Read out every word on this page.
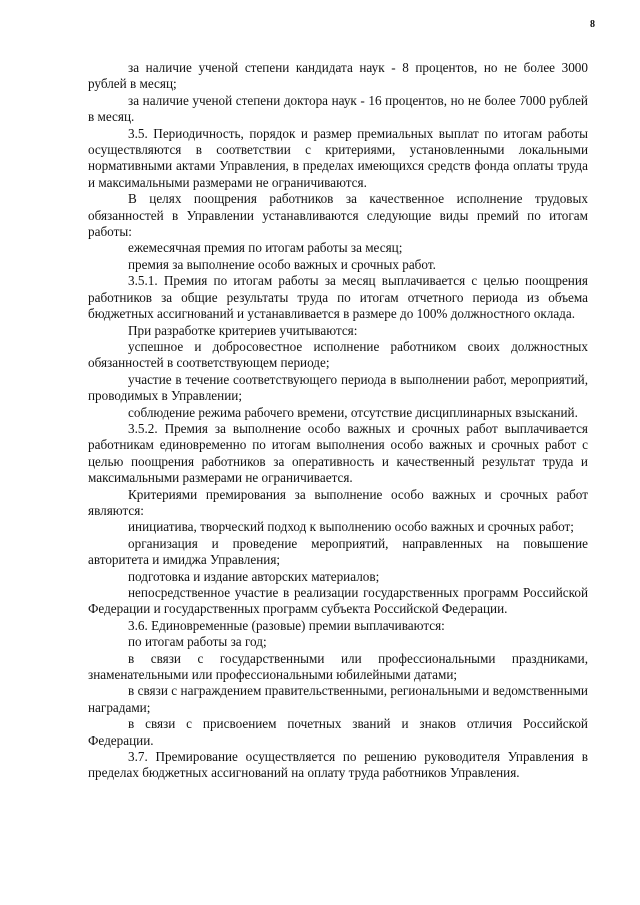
8

за наличие ученой степени кандидата наук - 8 процентов, но не более 3000 рублей в месяц;

за наличие ученой степени доктора наук - 16 процентов, но не более 7000 рублей в месяц.

3.5. Периодичность, порядок и размер премиальных выплат по итогам работы осуществляются в соответствии с критериями, установленными локальными нормативными актами Управления, в пределах имеющихся средств фонда оплаты труда и максимальными размерами не ограничиваются.

В целях поощрения работников за качественное исполнение трудовых обязанностей в Управлении устанавливаются следующие виды премий по итогам работы:

ежемесячная премия по итогам работы за месяц;

премия за выполнение особо важных и срочных работ.

3.5.1. Премия по итогам работы за месяц выплачивается с целью поощрения работников за общие результаты труда по итогам отчетного периода из объема бюджетных ассигнований и устанавливается в размере до 100% должностного оклада.

При разработке критериев учитываются:

успешное и добросовестное исполнение работником своих должностных обязанностей в соответствующем периоде;

участие в течение соответствующего периода в выполнении работ, мероприятий, проводимых в Управлении;

соблюдение режима рабочего времени, отсутствие дисциплинарных взысканий.

3.5.2. Премия за выполнение особо важных и срочных работ выплачивается работникам единовременно по итогам выполнения особо важных и срочных работ с целью поощрения работников за оперативность и качественный результат труда и максимальными размерами не ограничивается.

Критериями премирования за выполнение особо важных и срочных работ являются:

инициатива, творческий подход к выполнению особо важных и срочных работ;

организация и проведение мероприятий, направленных на повышение авторитета и имиджа Управления;

подготовка и издание авторских материалов;

непосредственное участие в реализации государственных программ Российской Федерации и государственных программ субъекта Российской Федерации.

3.6. Единовременные (разовые) премии выплачиваются:

по итогам работы за год;

в связи с государственными или профессиональными праздниками, знаменательными или профессиональными юбилейными датами;

в связи с награждением правительственными, региональными и ведомственными наградами;

в связи с присвоением почетных званий и знаков отличия Российской Федерации.

3.7. Премирование осуществляется по решению руководителя Управления в пределах бюджетных ассигнований на оплату труда работников Управления.
